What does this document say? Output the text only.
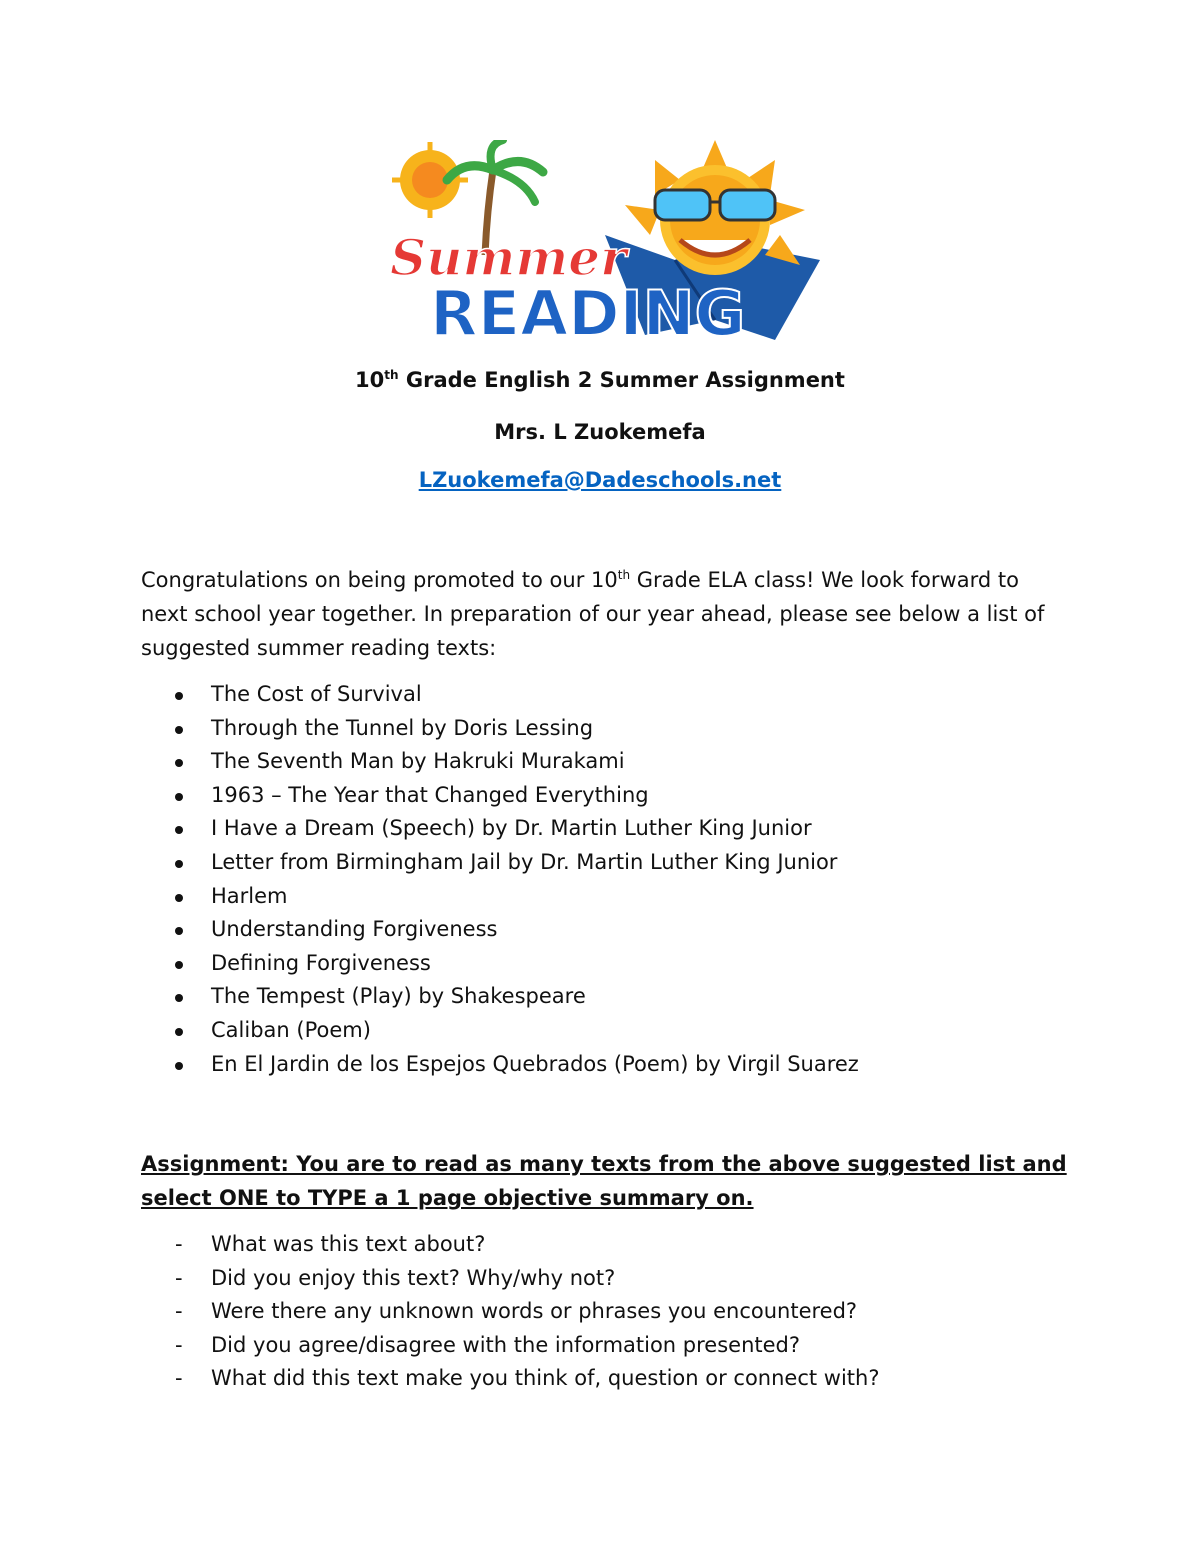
Summer
READING
10th Grade English 2 Summer Assignment
Mrs. L Zuokemefa
LZuokemefa@Dadeschools.net
Congratulations on being promoted to our 10th Grade ELA class! We look forward to next school year together. In preparation of our year ahead, please see below a list of suggested summer reading texts:
The Cost of Survival
Through the Tunnel by Doris Lessing
The Seventh Man by Hakruki Murakami
1963 – The Year that Changed Everything
I Have a Dream (Speech) by Dr. Martin Luther King Junior
Letter from Birmingham Jail by Dr. Martin Luther King Junior
Harlem
Understanding Forgiveness
Defining Forgiveness
The Tempest (Play) by Shakespeare
Caliban (Poem)
En El Jardin de los Espejos Quebrados (Poem) by Virgil Suarez
Assignment: You are to read as many texts from the above suggested list and select ONE to TYPE a 1 page objective summary on.
- What was this text about?
- Did you enjoy this text? Why/why not?
- Were there any unknown words or phrases you encountered?
- Did you agree/disagree with the information presented?
- What did this text make you think of, question or connect with?
